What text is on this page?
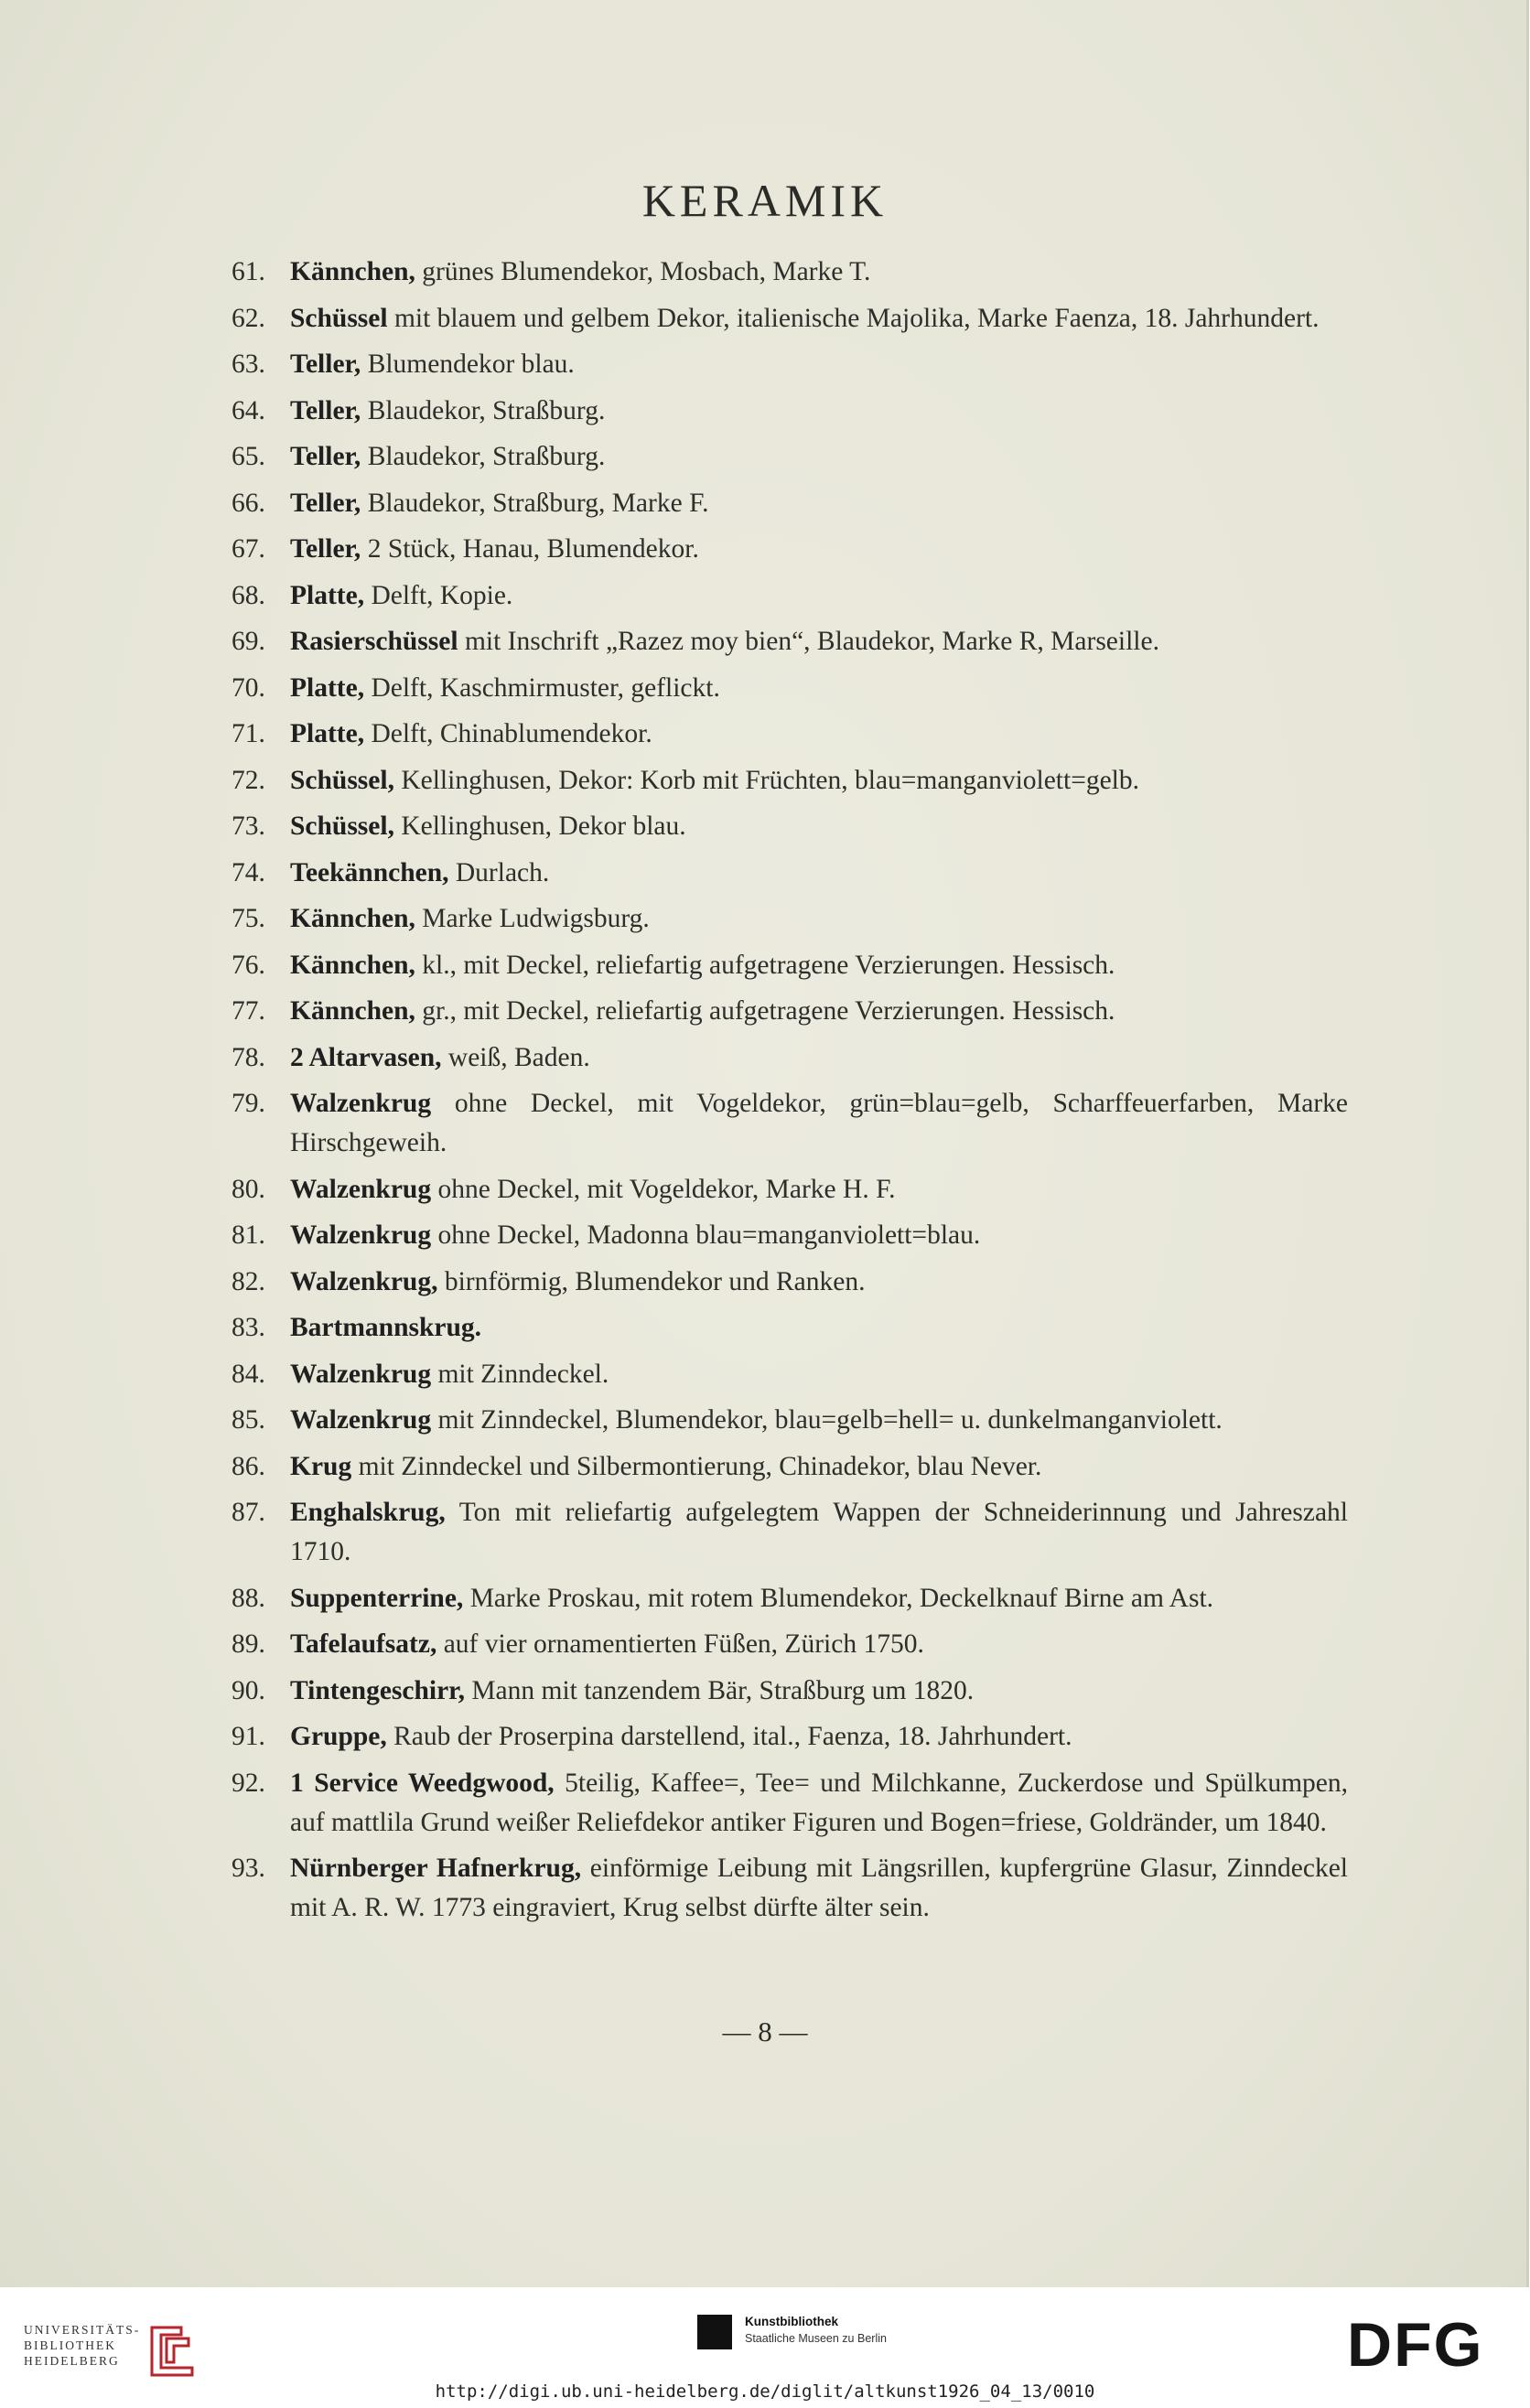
KERAMIK
61. Kännchen, grünes Blumendekor, Mosbach, Marke T.
62. Schüssel mit blauem und gelbem Dekor, italienische Majolika, Marke Faenza, 18. Jahrhundert.
63. Teller, Blumendekor blau.
64. Teller, Blaudekor, Straßburg.
65. Teller, Blaudekor, Straßburg.
66. Teller, Blaudekor, Straßburg, Marke F.
67. Teller, 2 Stück, Hanau, Blumendekor.
68. Platte, Delft, Kopie.
69. Rasierschüssel mit Inschrift „Razez moy bien“, Blaudekor, Marke R, Marseille.
70. Platte, Delft, Kaschmirmuster, geflickt.
71. Platte, Delft, Chinablumendekor.
72. Schüssel, Kellinghusen, Dekor: Korb mit Früchten, blau=manganviolett=gelb.
73. Schüssel, Kellinghusen, Dekor blau.
74. Teekännchen, Durlach.
75. Kännchen, Marke Ludwigsburg.
76. Kännchen, kl., mit Deckel, reliefartig aufgetragene Verzierungen. Hessisch.
77. Kännchen, gr., mit Deckel, reliefartig aufgetragene Verzierungen. Hessisch.
78. 2 Altarvasen, weiß, Baden.
79. Walzenkrug ohne Deckel, mit Vogeldekor, grün=blau=gelb, Scharffeuerfarben, Marke Hirschgeweih.
80. Walzenkrug ohne Deckel, mit Vogeldekor, Marke H. F.
81. Walzenkrug ohne Deckel, Madonna blau=manganviolett=blau.
82. Walzenkrug, birnförmig, Blumendekor und Ranken.
83. Bartmannskrug.
84. Walzenkrug mit Zinndeckel.
85. Walzenkrug mit Zinndeckel, Blumendekor, blau=gelb=hell= u. dunkelmanganviolett.
86. Krug mit Zinndeckel und Silbermontierung, Chinadekor, blau Never.
87. Enghalskrug, Ton mit reliefartig aufgelegtem Wappen der Schneiderinnung und Jahreszahl 1710.
88. Suppenterrine, Marke Proskau, mit rotem Blumendekor, Deckelknauf Birne am Ast.
89. Tafelaufsatz, auf vier ornamentierten Füßen, Zürich 1750.
90. Tintengeschirr, Mann mit tanzendem Bär, Straßburg um 1820.
91. Gruppe, Raub der Proserpina darstellend, ital., Faenza, 18. Jahrhundert.
92. 1 Service Weedgwood, 5teilig, Kaffee=, Tee= und Milchkanne, Zuckerdose und Spülkumpen, auf mattlila Grund weißer Reliefdekor antiker Figuren und Bogen=friese, Goldränder, um 1840.
93. Nürnberger Hafnerkrug, einförmige Leibung mit Längsrillen, kupfergrüne Glasur, Zinndeckel mit A. R. W. 1773 eingraviert, Krug selbst dürfte älter sein.
— 8 —
UNIVERSITÄTS-
BIBLIOTHEK
HEIDELBERG
Kunstbibliothek
Staatliche Museen zu Berlin	DFG
http://digi.ub.uni-heidelberg.de/diglit/altkunst1926_04_13/0010
